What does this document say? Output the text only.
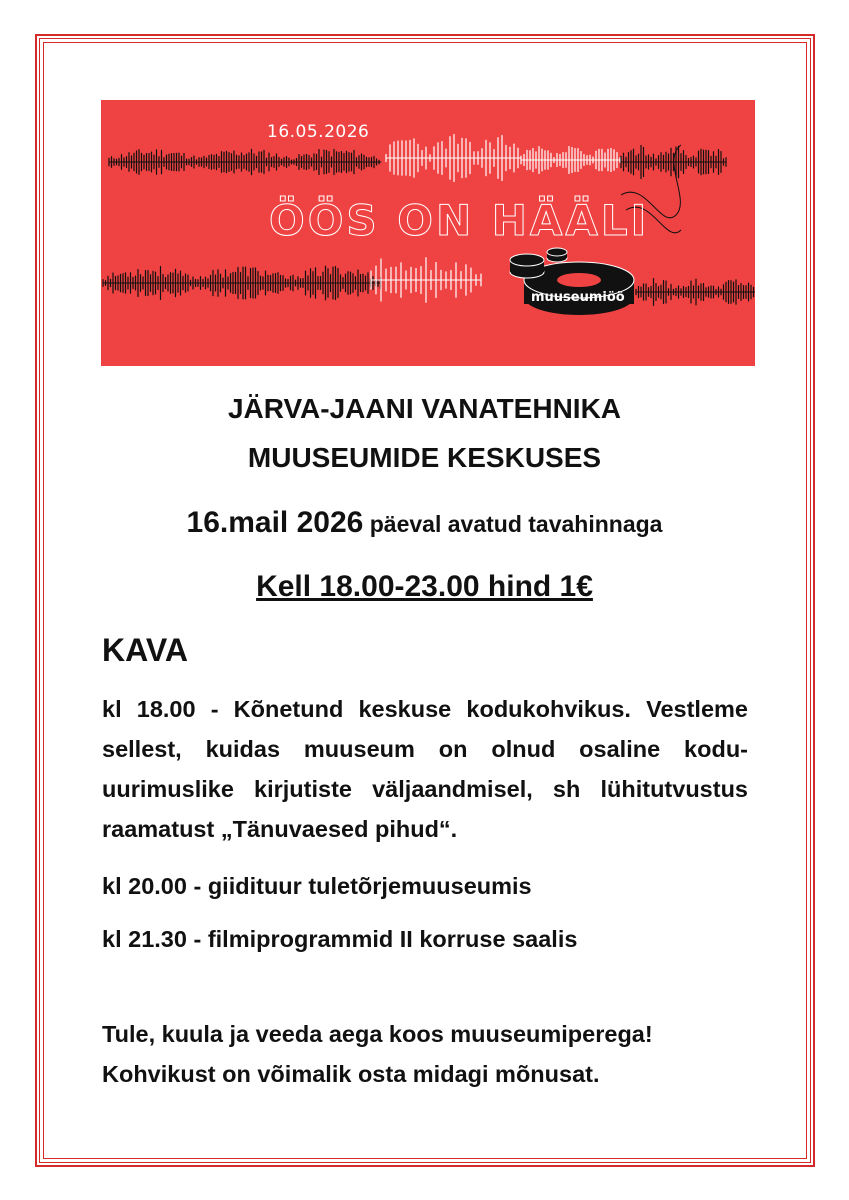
16.05.2026
ÖÖS ON HÄÄLI
muuseumiöö
JÄRVA-JAANI VANATEHNIKA
MUUSEUMIDE KESKUSES
16.mail 2026 päeval avatud tavahinnaga
Kell 18.00-23.00 hind 1€
KAVA
kl 18.00 - Kõnetund keskuse kodukohvikus. Vestleme sellest, kuidas muuseum on olnud osaline kodu-uurimuslike kirjutiste väljaandmisel, sh lühitutvustus raamatust „Tänuvaesed pihud“.
kl 20.00 - giidituur tuletõrjemuuseumis
kl 21.30 - filmiprogrammid II korruse saalis
Tule, kuula ja veeda aega koos muuseumiperega!
Kohvikust on võimalik osta midagi mõnusat.
